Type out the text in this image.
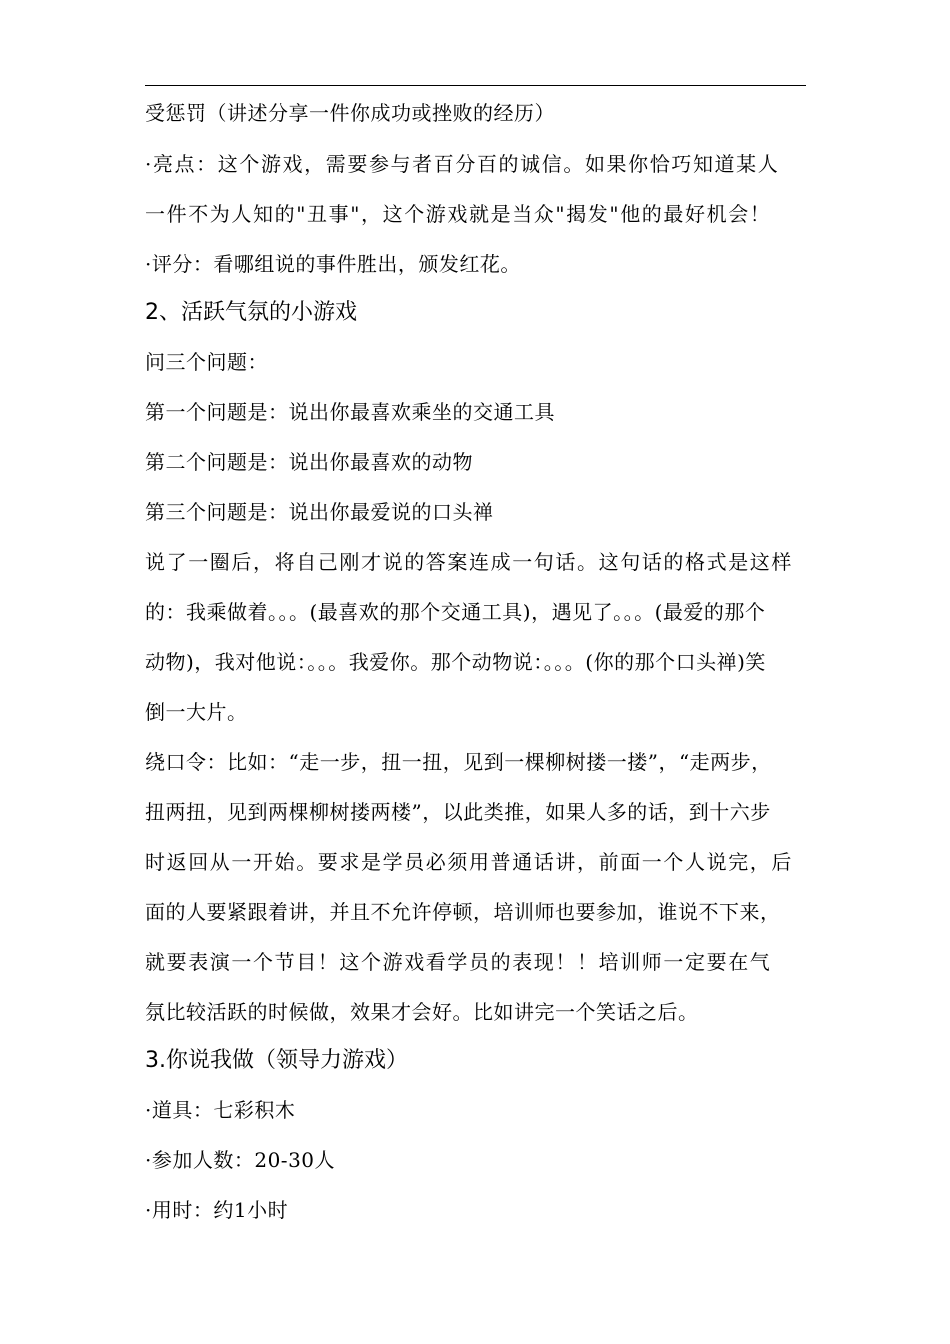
受惩罚（讲述分享一件你成功或挫败的经历）
·亮点：这个游戏，需要参与者百分百的诚信。如果你恰巧知道某人
一件不为人知的"丑事"，这个游戏就是当众"揭发"他的最好机会！
·评分：看哪组说的事件胜出，颁发红花。
2、活跃气氛的小游戏
问三个问题：
第一个问题是：说出你最喜欢乘坐的交通工具
第二个问题是：说出你最喜欢的动物
第三个问题是：说出你最爱说的口头禅
说了一圈后，将自己刚才说的答案连成一句话。这句话的格式是这样
的：我乘做着。。。(最喜欢的那个交通工具)，遇见了。。。(最爱的那个
动物)，我对他说：。。。我爱你。那个动物说：。。。(你的那个口头禅)笑
倒一大片。
绕口令：比如：“走一步，扭一扭，见到一棵柳树搂一搂”，“走两步，
扭两扭，见到两棵柳树搂两楼”，以此类推，如果人多的话，到十六步
时返回从一开始。要求是学员必须用普通话讲，前面一个人说完，后
面的人要紧跟着讲，并且不允许停顿，培训师也要参加，谁说不下来，
就要表演一个节目！这个游戏看学员的表现！！培训师一定要在气
氛比较活跃的时候做，效果才会好。比如讲完一个笑话之后。
3.你说我做（领导力游戏）
·道具：七彩积木
·参加人数：20-30人
·用时：约1小时
